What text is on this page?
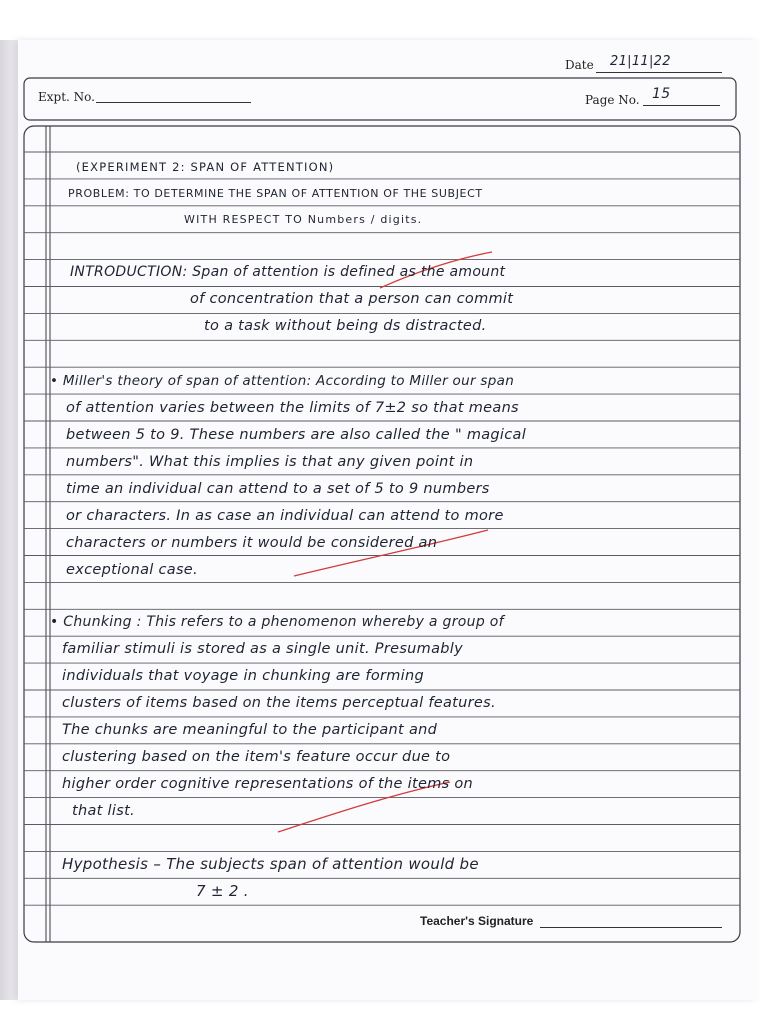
Date 21|11|22
Expt. No.	Page No. 15
(EXPERIMENT 2: SPAN OF ATTENTION)
PROBLEM: TO DETERMINE THE SPAN OF ATTENTION OF THE SUBJECT
WITH RESPECT TO Numbers / digits.
INTRODUCTION: Span of attention is defined as the amount
of concentration that a person can commit
to a task without being ds distracted.
• Miller's theory of span of attention: According to Miller our span
of attention varies between the limits of 7±2 so that means
between 5 to 9. These numbers are also called the " magical
numbers". What this implies is that any given point in
time an individual can attend to a set of 5 to 9 numbers
or characters. In as case an individual can attend to more
characters or numbers it would be considered an
exceptional case.
• Chunking : This refers to a phenomenon whereby a group of
familiar stimuli is stored as a single unit. Presumably
individuals that voyage in chunking are forming
clusters of items based on the items perceptual features.
The chunks are meaningful to the participant and
clustering based on the item's feature occur due to
higher order cognitive representations of the items on
that list.
Hypothesis – The subjects span of attention would be
7 ± 2 .
Teacher's Signature
